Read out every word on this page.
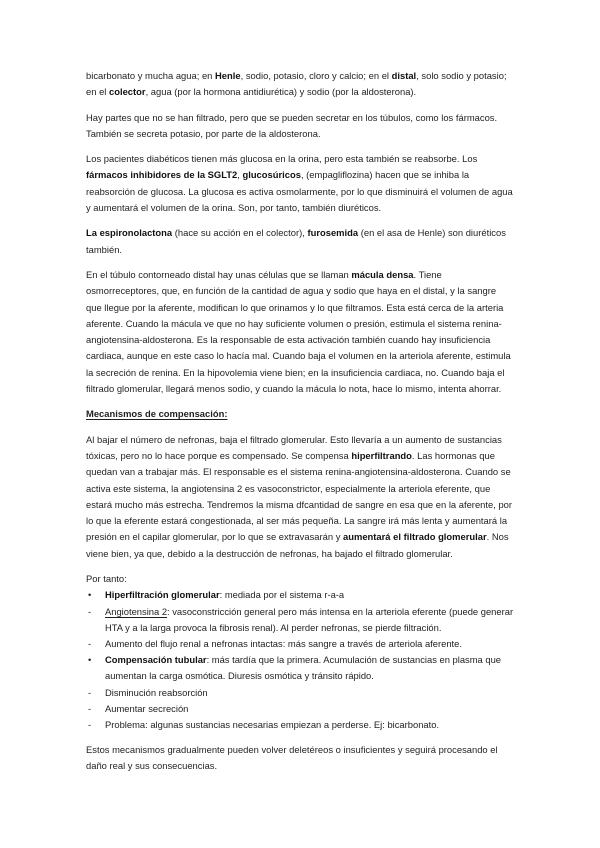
bicarbonato y mucha agua; en Henle, sodio, potasio, cloro y calcio; en el distal, solo sodio y potasio; en el colector, agua (por la hormona antidiurética) y sodio (por la aldosterona).

Hay partes que no se han filtrado, pero que se pueden secretar en los túbulos, como los fármacos. También se secreta potasio, por parte de la aldosterona.

Los pacientes diabéticos tienen más glucosa en la orina, pero esta también se reabsorbe. Los fármacos inhibidores de la SGLT2, glucosúricos, (empagliflozina) hacen que se inhiba la reabsorción de glucosa. La glucosa es activa osmolarmente, por lo que disminuirá el volumen de agua y aumentará el volumen de la orina. Son, por tanto, también diuréticos.

La espironolactona (hace su acción en el colector), furosemida (en el asa de Henle) son diuréticos también.

En el túbulo contorneado distal hay unas células que se llaman mácula densa. Tiene osmorreceptores, que, en función de la cantidad de agua y sodio que haya en el distal, y la sangre que llegue por la aferente, modifican lo que orinamos y lo que filtramos. Esta está cerca de la arteria aferente. Cuando la mácula ve que no hay suficiente volumen o presión, estimula el sistema renina-angiotensina-aldosterona. Es la responsable de esta activación también cuando hay insuficiencia cardiaca, aunque en este caso lo hacía mal. Cuando baja el volumen en la arteriola aferente, estimula la secreción de renina. En la hipovolemia viene bien; en la insuficiencia cardiaca, no. Cuando baja el filtrado glomerular, llegará menos sodio, y cuando la mácula lo nota, hace lo mismo, intenta ahorrar.

Mecanismos de compensación:

Al bajar el número de nefronas, baja el filtrado glomerular. Esto llevaría a un aumento de sustancias tóxicas, pero no lo hace porque es compensado. Se compensa hiperfiltrando. Las hormonas que quedan van a trabajar más. El responsable es el sistema renina-angiotensina-aldosterona. Cuando se activa este sistema, la angiotensina 2 es vasoconstrictor, especialmente la arteriola eferente, que estará mucho más estrecha. Tendremos la misma dfcantidad de sangre en esa que en la aferente, por lo que la eferente estará congestionada, al ser más pequeña. La sangre irá más lenta y aumentará la presión en el capilar glomerular, por lo que se extravasarán y aumentará el filtrado glomerular. Nos viene bien, ya que, debido a la destrucción de nefronas, ha bajado el filtrado glomerular.

Por tanto:

•	Hiperfiltración glomerular: mediada por el sistema r-a-a
-	Angiotensina 2: vasoconstricción general pero más intensa en la arteriola eferente (puede generar HTA y a la larga provoca la fibrosis renal). Al perder nefronas, se pierde filtración.
-	Aumento del flujo renal a nefronas intactas: más sangre a través de arteriola aferente.
•	Compensación tubular: más tardía que la primera. Acumulación de sustancias en plasma que aumentan la carga osmótica. Diuresis osmótica y tránsito rápido.
-	Disminución reabsorción
-	Aumentar secreción
-	Problema: algunas sustancias necesarias empiezan a perderse. Ej: bicarbonato.

Estos mecanismos gradualmente pueden volver deletéreos o insuficientes y seguirá procesando el daño real y sus consecuencias.
